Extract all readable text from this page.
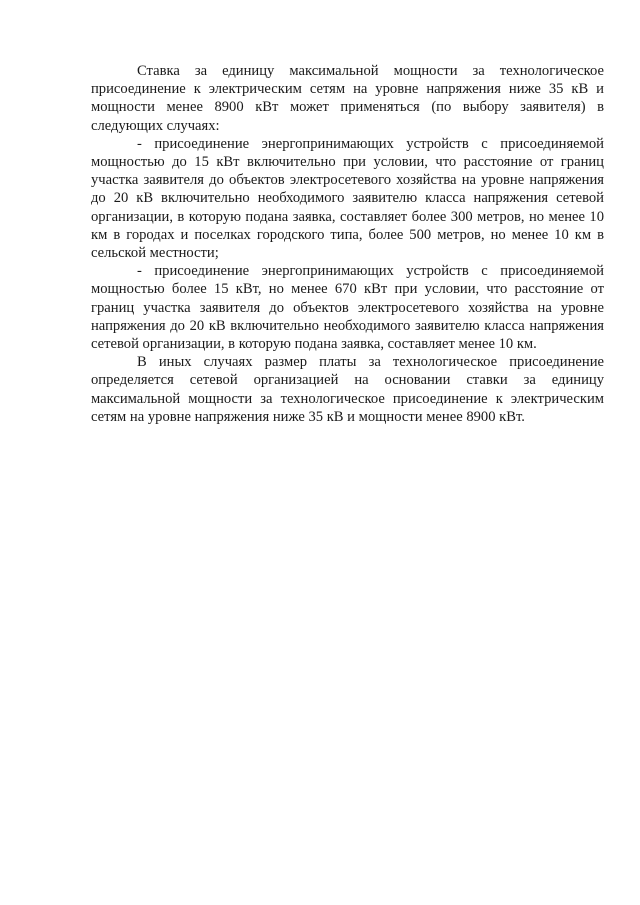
Ставка за единицу максимальной мощности за технологическое присоединение к электрическим сетям на уровне напряжения ниже 35 кВ и мощности менее 8900 кВт может применяться (по выбору заявителя) в следующих случаях:

- присоединение энергопринимающих устройств с присоединяемой мощностью до 15 кВт включительно при условии, что расстояние от границ участка заявителя до объектов электросетевого хозяйства на уровне напряжения до 20 кВ включительно необходимого заявителю класса напряжения сетевой организации, в которую подана заявка, составляет более 300 метров, но менее 10 км в городах и поселках городского типа, более 500 метров, но менее 10 км в сельской местности;

- присоединение энергопринимающих устройств с присоединяемой мощностью более 15 кВт, но менее 670 кВт при условии, что расстояние от границ участка заявителя до объектов электросетевого хозяйства на уровне напряжения до 20 кВ включительно необходимого заявителю класса напряжения сетевой организации, в которую подана заявка, составляет менее 10 км.

В иных случаях размер платы за технологическое присоединение определяется сетевой организацией на основании ставки за единицу максимальной мощности за технологическое присоединение к электрическим сетям на уровне напряжения ниже 35 кВ и мощности менее 8900 кВт.
